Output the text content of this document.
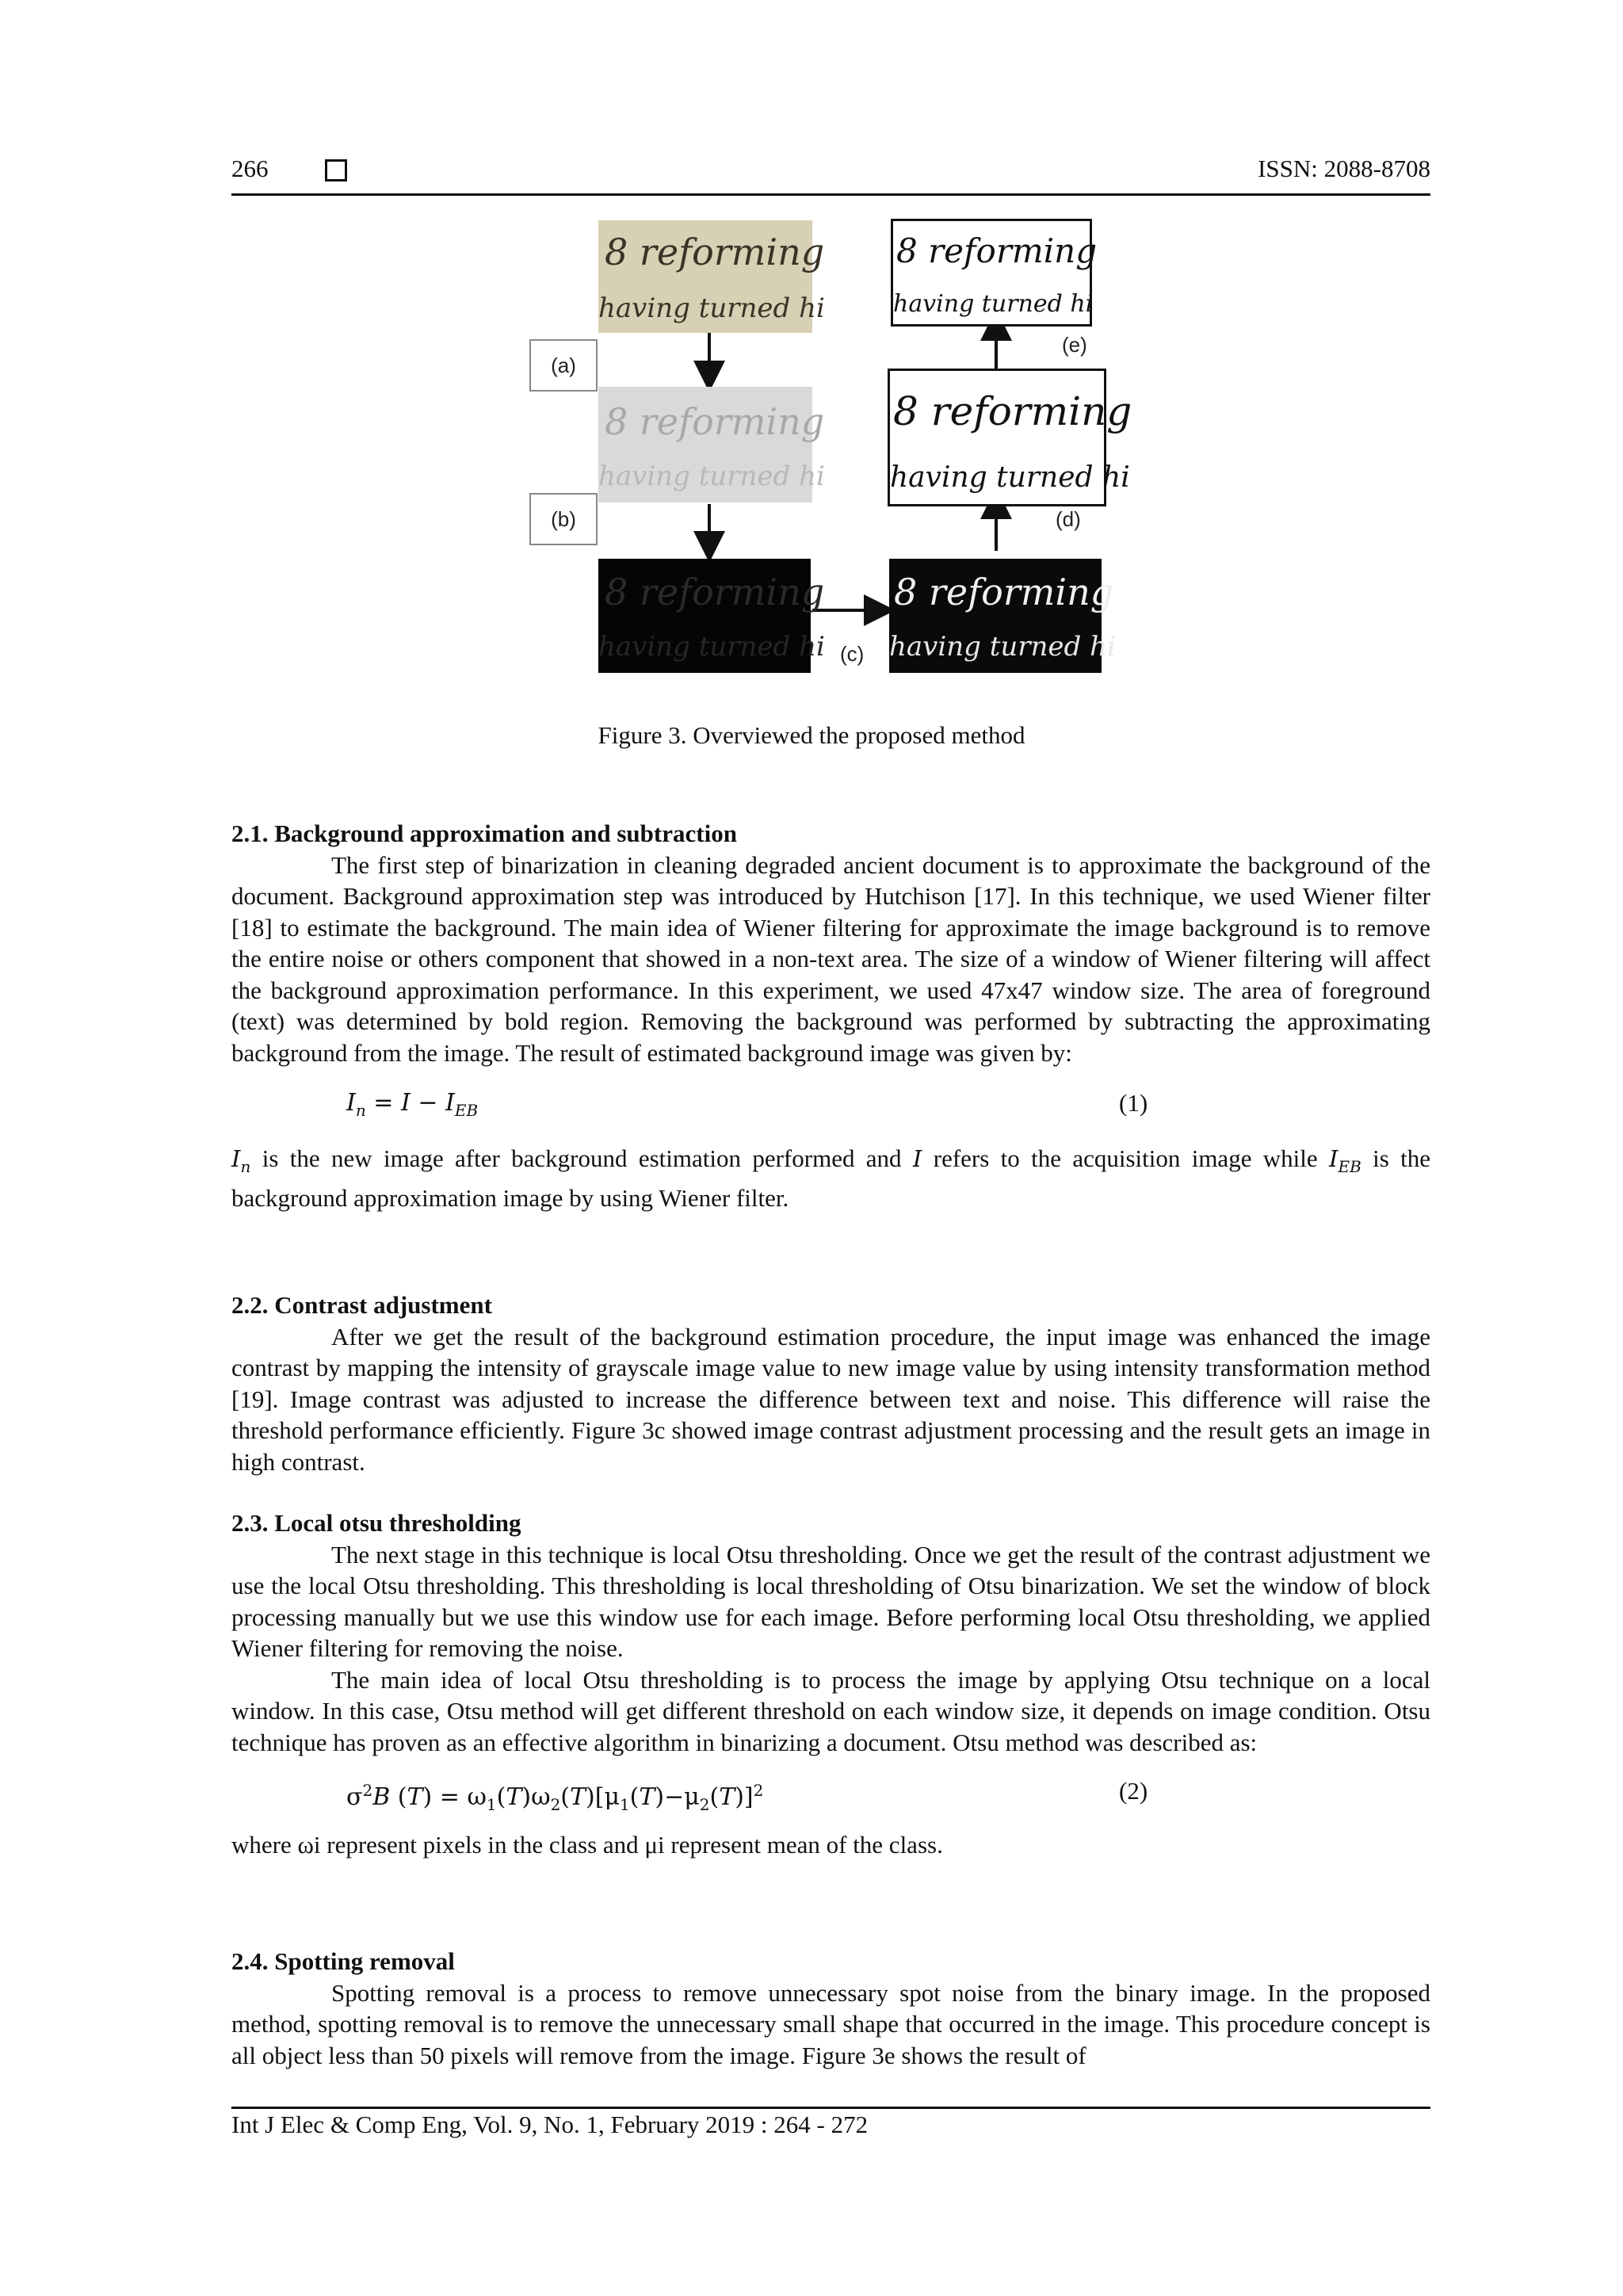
266	ISSN: 2088-8708
8 reforming
having turned hi
8 reforming
having turned hi
8 reforming
having turned hi
8 reforming
having turned hi
8 reforming
having turned hi
8 reforming
having turned hi
(a)
(b)
(c)
(d)
(e)
Figure 3. Overviewed the proposed method
2.1. Background approximation and subtraction

The first step of binarization in cleaning degraded ancient document is to approximate the background of the document. Background approximation step was introduced by Hutchison [17]. In this technique, we used Wiener filter [18] to estimate the background. The main idea of Wiener filtering for approximate the image background is to remove the entire noise or others component that showed in a non-text area. The size of a window of Wiener filtering will affect the background approximation performance. In this experiment, we used 47x47 window size. The area of foreground (text) was determined by bold region. Removing the background was performed by subtracting the approximating background from the image. The result of estimated background image was given by:

$I_n = I - I_{EB}$	(1)

$I_n$ is the new image after background estimation performed and I refers to the acquisition image while $I_{EB}$ is the background approximation image by using Wiener filter.

2.2. Contrast adjustment

After we get the result of the background estimation procedure, the input image was enhanced the image contrast by mapping the intensity of grayscale image value to new image value by using intensity transformation method [19]. Image contrast was adjusted to increase the difference between text and noise. This difference will raise the threshold performance efficiently. Figure 3c showed image contrast adjustment processing and the result gets an image in high contrast.

2.3. Local otsu thresholding

The next stage in this technique is local Otsu thresholding. Once we get the result of the contrast adjustment we use the local Otsu thresholding. This thresholding is local thresholding of Otsu binarization. We set the window of block processing manually but we use this window use for each image. Before performing local Otsu thresholding, we applied Wiener filtering for removing the noise.

The main idea of local Otsu thresholding is to process the image by applying Otsu technique on a local window. In this case, Otsu method will get different threshold on each window size, it depends on image condition. Otsu technique has proven as an effective algorithm in binarizing a document. Otsu method was described as:

$\sigma^2B$ $(T) = \omega_1(T)\omega_2(T)[\mu_1(T)-\mu_2(T)]^2$	(2)

where ωi represent pixels in the class and μi represent mean of the class.

2.4. Spotting removal

Spotting removal is a process to remove unnecessary spot noise from the binary image. In the proposed method, spotting removal is to remove the unnecessary small shape that occurred in the image. This procedure concept is all object less than 50 pixels will remove from the image. Figure 3e shows the result of

Int J Elec & Comp Eng, Vol. 9, No. 1, February 2019 : 264 - 272
